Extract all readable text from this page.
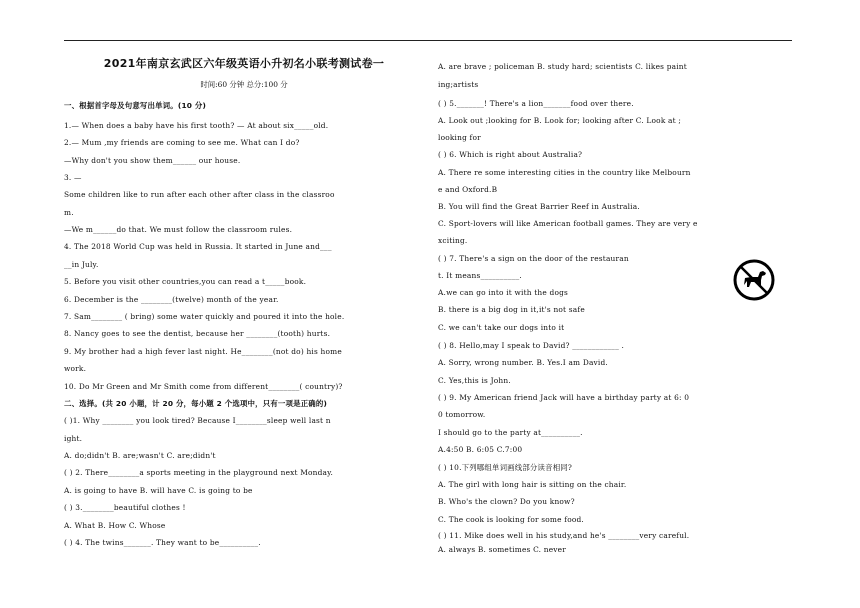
2021年南京玄武区六年级英语小升初名小联考测试卷一
时间:60 分钟 总分:100 分
一、根据首字母及句意写出单词。(10 分)
1.— When does a baby have his first tooth? — At about six_____old.
2.— Mum ,my friends are coming to see me. What can I do?
—Why don't you show them______ our house.
3. —
Some children like to run after each other after class in the classroo
m.
—We m______do that. We must follow the classroom rules.
4. The 2018 World Cup was held in Russia. It started in June and___
__in July.
5. Before you visit other countries,you can read a t_____book.
6. December is the ________(twelve) month of the year.
7. Sam________ ( bring) some water quickly and poured it into the hole.
8. Nancy goes to see the dentist, because her ________(tooth) hurts.
9. My brother had a high fever last night. He________(not do) his home
work.
10. Do Mr Green and Mr Smith come from different________( country)?
二、选择。(共 20 小题，计 20 分，每小题 2 个选项中，只有一项是正确的)
( )1. Why ________ you look tired? Because I________sleep well last n
ight.
A. do;didn't B. are;wasn't C. are;didn't
( ) 2. There________a sports meeting in the playground next Monday.
A. is going to have B. will have C. is going to be
( ) 3.________beautiful clothes !
A. What B. How C. Whose
( ) 4. The twins_______. They want to be__________.
A. are brave ; policeman B. study hard; scientists C. likes paint
ing;artists
( ) 5._______! There's a lion_______food over there.
A. Look out ;looking for B. Look for; looking after C. Look at ;
looking for
( ) 6. Which is right about Australia?
A. There re some interesting cities in the country like Melbourn
e and Oxford.B
B. You will find the Great Barrier Reef in Australia.
C. Sport-lovers will like American football games. They are very e
xciting.
( ) 7. There's a sign on the door of the restauran
t. It means__________.
A.we can go into it with the dogs
B. there is a big dog in it,it's not safe
C. we can't take our dogs into it
( ) 8. Hello,may I speak to David? ____________ .
A. Sorry, wrong number. B. Yes.I am David.
C. Yes,this is John.
( ) 9. My American friend Jack will have a birthday party at 6: 0
0 tomorrow.
I should go to the party at__________.
A.4:50 B. 6:05 C.7:00
( ) 10.下列哪组单词画线部分读音相同?
A. The girl with long hair is sitting on the chair.
B. Who's the clown? Do you know?
C. The cook is looking for some food.
( ) 11. Mike does well in his study,and he's ________very careful.
A. always B. sometimes C. never
